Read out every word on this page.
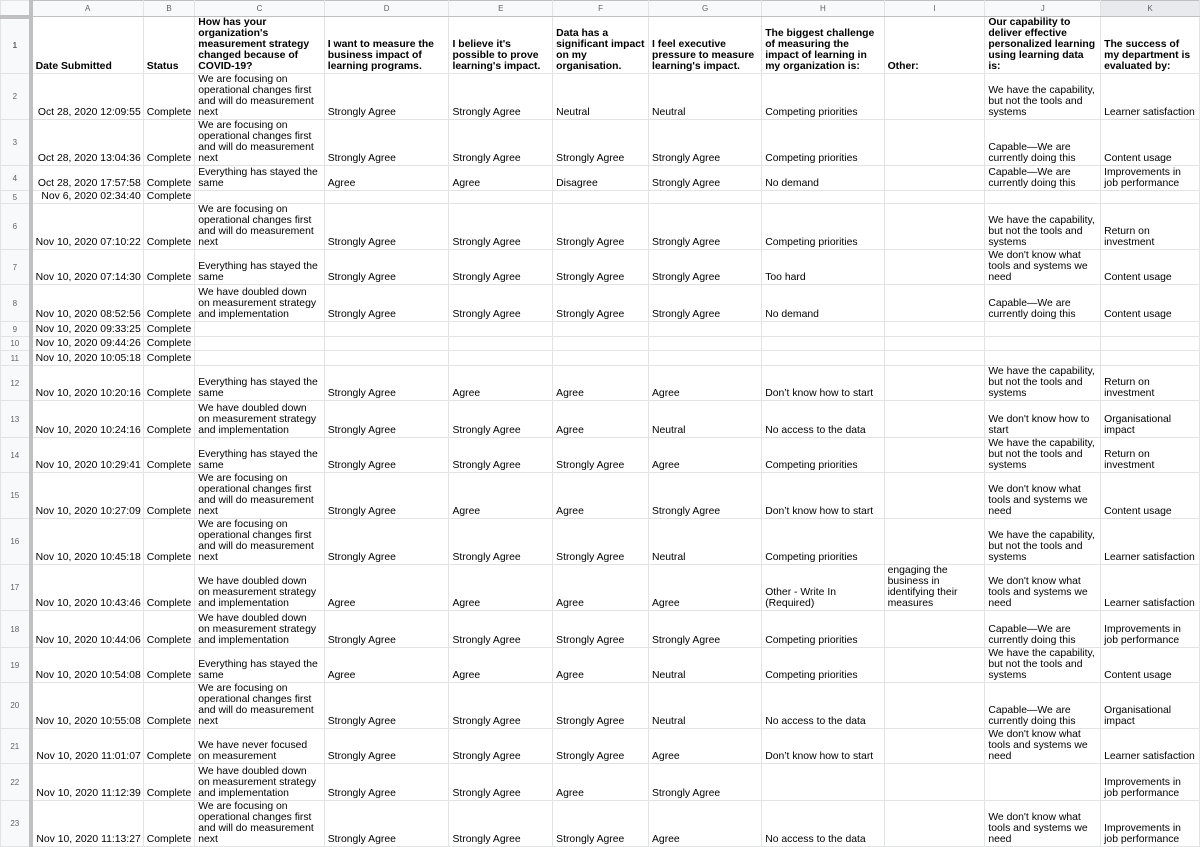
	A	B	C	D	E	F	G	H	I	J	K
1	Date Submitted	Status	How has your organization's measurement strategy changed because of COVID-19?	I want to measure the business impact of learning programs.	I believe it's possible to prove learning's impact.	Data has a significant impact on my organisation.	I feel executive pressure to measure learning's impact.	The biggest challenge of measuring the impact of learning in my organization is:	Other:	Our capability to deliver effective personalized learning using learning data is:	The success of my department is evaluated by:
2	Oct 28, 2020 12:09:55	Complete	We are focusing on operational changes first and will do measurement next	Strongly Agree	Strongly Agree	Neutral	Neutral	Competing priorities		We have the capability, but not the tools and systems	Learner satisfaction
3	Oct 28, 2020 13:04:36	Complete	We are focusing on operational changes first and will do measurement next	Strongly Agree	Strongly Agree	Strongly Agree	Strongly Agree	Competing priorities		Capable—We are currently doing this	Content usage
4	Oct 28, 2020 17:57:58	Complete	Everything has stayed the same	Agree	Agree	Disagree	Strongly Agree	No demand		Capable—We are currently doing this	Improvements in job performance
5	Nov 6, 2020 02:34:40	Complete									
6	Nov 10, 2020 07:10:22	Complete	We are focusing on operational changes first and will do measurement next	Strongly Agree	Strongly Agree	Strongly Agree	Strongly Agree	Competing priorities		We have the capability, but not the tools and systems	Return on investment
7	Nov 10, 2020 07:14:30	Complete	Everything has stayed the same	Strongly Agree	Strongly Agree	Strongly Agree	Strongly Agree	Too hard		We don't know what tools and systems we need	Content usage
8	Nov 10, 2020 08:52:56	Complete	We have doubled down on measurement strategy and implementation	Strongly Agree	Strongly Agree	Strongly Agree	Strongly Agree	No demand		Capable—We are currently doing this	Content usage
9	Nov 10, 2020 09:33:25	Complete									
10	Nov 10, 2020 09:44:26	Complete									
11	Nov 10, 2020 10:05:18	Complete									
12	Nov 10, 2020 10:20:16	Complete	Everything has stayed the same	Strongly Agree	Agree	Agree	Agree	Don’t know how to start		We have the capability, but not the tools and systems	Return on investment
13	Nov 10, 2020 10:24:16	Complete	We have doubled down on measurement strategy and implementation	Strongly Agree	Strongly Agree	Agree	Neutral	No access to the data		We don't know how to start	Organisational impact
14	Nov 10, 2020 10:29:41	Complete	Everything has stayed the same	Strongly Agree	Strongly Agree	Strongly Agree	Agree	Competing priorities		We have the capability, but not the tools and systems	Return on investment
15	Nov 10, 2020 10:27:09	Complete	We are focusing on operational changes first and will do measurement next	Strongly Agree	Agree	Agree	Strongly Agree	Don’t know how to start		We don't know what tools and systems we need	Content usage
16	Nov 10, 2020 10:45:18	Complete	We are focusing on operational changes first and will do measurement next	Strongly Agree	Strongly Agree	Strongly Agree	Neutral	Competing priorities		We have the capability, but not the tools and systems	Learner satisfaction
17	Nov 10, 2020 10:43:46	Complete	We have doubled down on measurement strategy and implementation	Agree	Agree	Agree	Agree	Other - Write In (Required)	engaging the business in identifying their measures	We don't know what tools and systems we need	Learner satisfaction
18	Nov 10, 2020 10:44:06	Complete	We have doubled down on measurement strategy and implementation	Strongly Agree	Strongly Agree	Strongly Agree	Strongly Agree	Competing priorities		Capable—We are currently doing this	Improvements in job performance
19	Nov 10, 2020 10:54:08	Complete	Everything has stayed the same	Agree	Agree	Agree	Neutral	Competing priorities		We have the capability, but not the tools and systems	Content usage
20	Nov 10, 2020 10:55:08	Complete	We are focusing on operational changes first and will do measurement next	Strongly Agree	Strongly Agree	Strongly Agree	Neutral	No access to the data		Capable—We are currently doing this	Organisational impact
21	Nov 10, 2020 11:01:07	Complete	We have never focused on measurement	Strongly Agree	Strongly Agree	Strongly Agree	Agree	Don’t know how to start		We don't know what tools and systems we need	Learner satisfaction
22	Nov 10, 2020 11:12:39	Complete	We have doubled down on measurement strategy and implementation	Strongly Agree	Strongly Agree	Agree	Strongly Agree				Improvements in job performance
23	Nov 10, 2020 11:13:27	Complete	We are focusing on operational changes first and will do measurement next	Strongly Agree	Strongly Agree	Strongly Agree	Agree	No access to the data		We don't know what tools and systems we need	Improvements in job performance
